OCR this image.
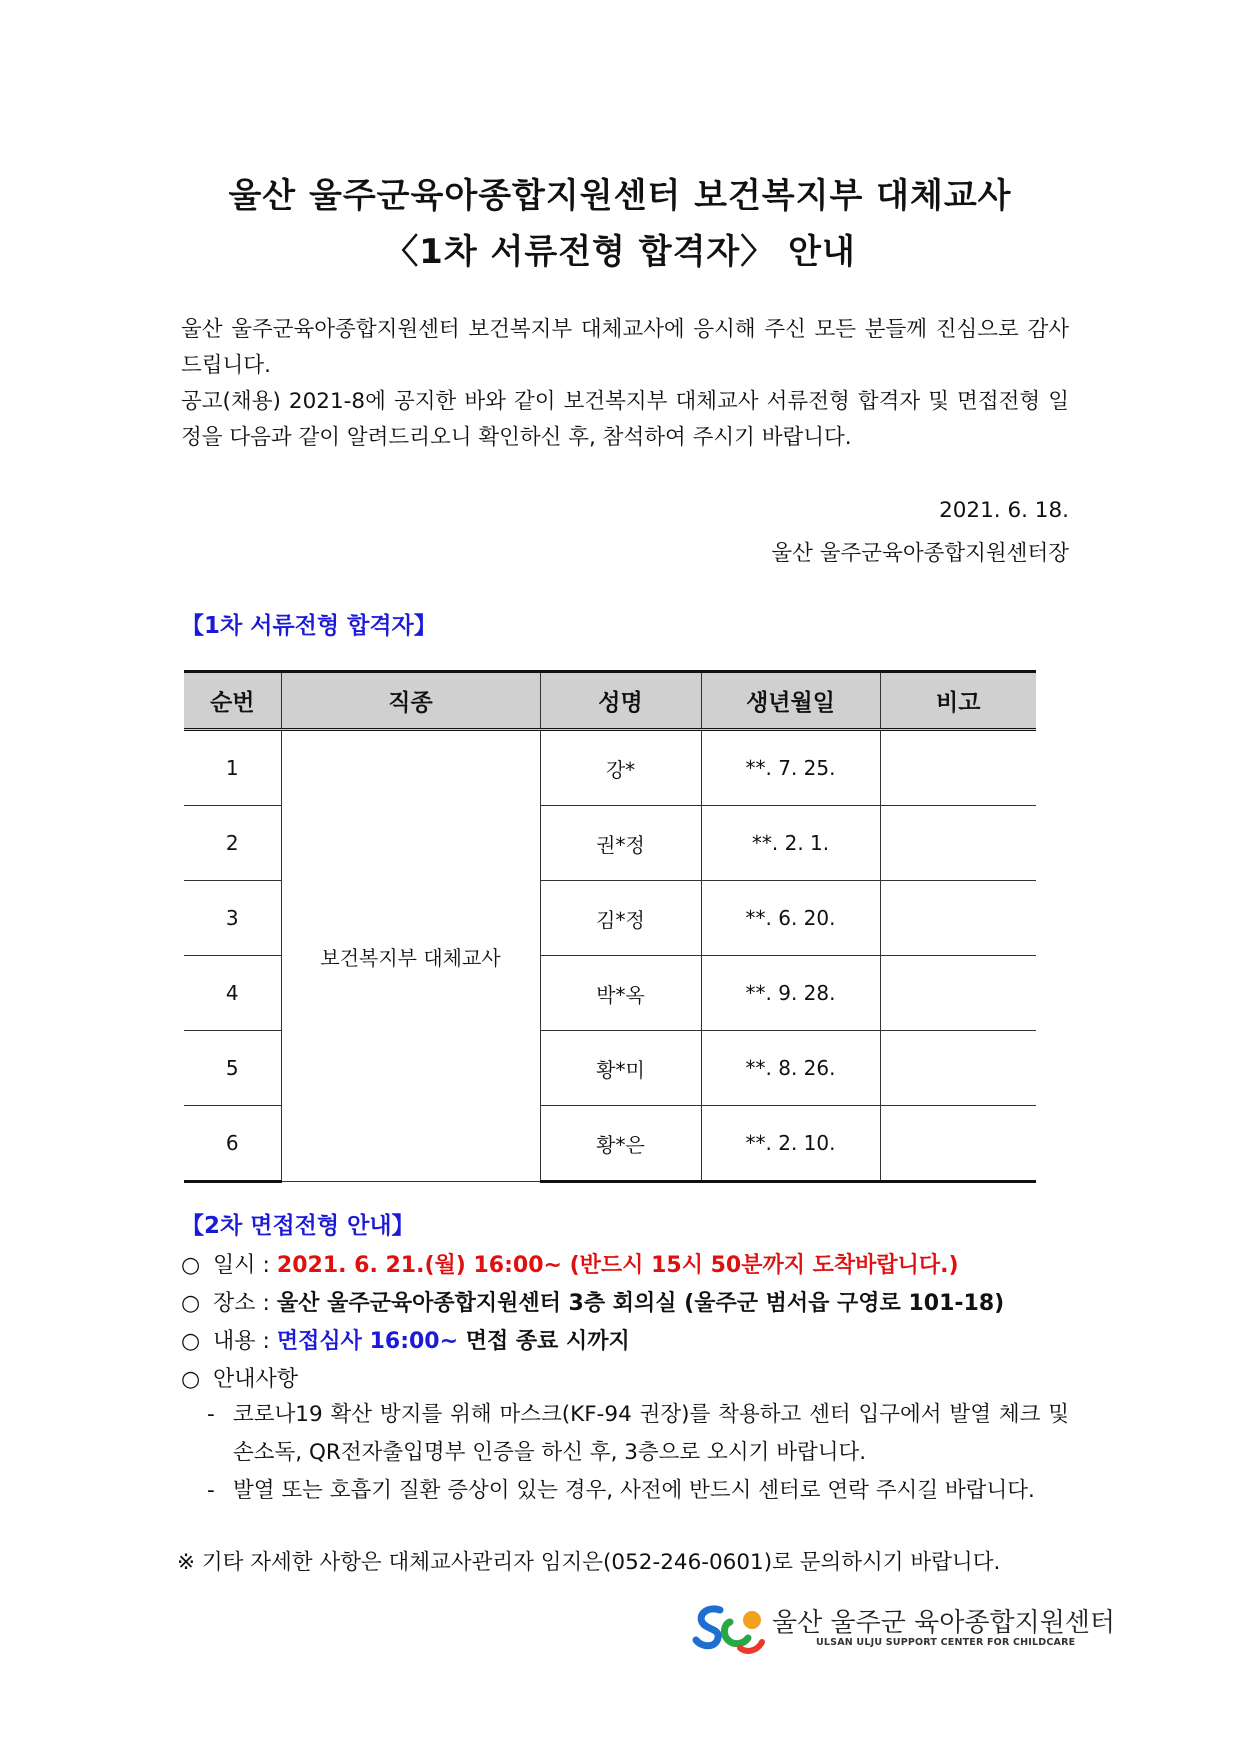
울산 울주군육아종합지원센터 보건복지부 대체교사
〈1차 서류전형 합격자〉 안내
울산 울주군육아종합지원센터 보건복지부 대체교사에 응시해 주신 모든 분들께 진심으로 감사드립니다.
공고(채용) 2021-8에 공지한 바와 같이 보건복지부 대체교사 서류전형 합격자 및 면접전형 일정을 다음과 같이 알려드리오니 확인하신 후, 참석하여 주시기 바랍니다.
2021. 6. 18.
울산 울주군육아종합지원센터장
【1차 서류전형 합격자】
순번	직종	성명	생년월일	비고
1	보건복지부 대체교사	강*	**. 7. 25.	
2		권*정	**. 2. 1.	
3		김*정	**. 6. 20.	
4		박*옥	**. 9. 28.	
5		황*미	**. 8. 26.	
6		황*은	**. 2. 10.	
【2차 면접전형 안내】
○ 일시 : 2021. 6. 21.(월) 16:00~ (반드시 15시 50분까지 도착바랍니다.)
○ 장소 : 울산 울주군육아종합지원센터 3층 회의실 (울주군 범서읍 구영로 101-18)
○ 내용 : 면접심사 16:00~ 면접 종료 시까지
○ 안내사항
- 코로나19 확산 방지를 위해 마스크(KF-94 권장)를 착용하고 센터 입구에서 발열 체크 및 손소독, QR전자출입명부 인증을 하신 후, 3층으로 오시기 바랍니다.
- 발열 또는 호흡기 질환 증상이 있는 경우, 사전에 반드시 센터로 연락 주시길 바랍니다.
※ 기타 자세한 사항은 대체교사관리자 임지은(052-246-0601)로 문의하시기 바랍니다.
울산 울주군 육아종합지원센터
ULSAN ULJU SUPPORT CENTER FOR CHILDCARE
